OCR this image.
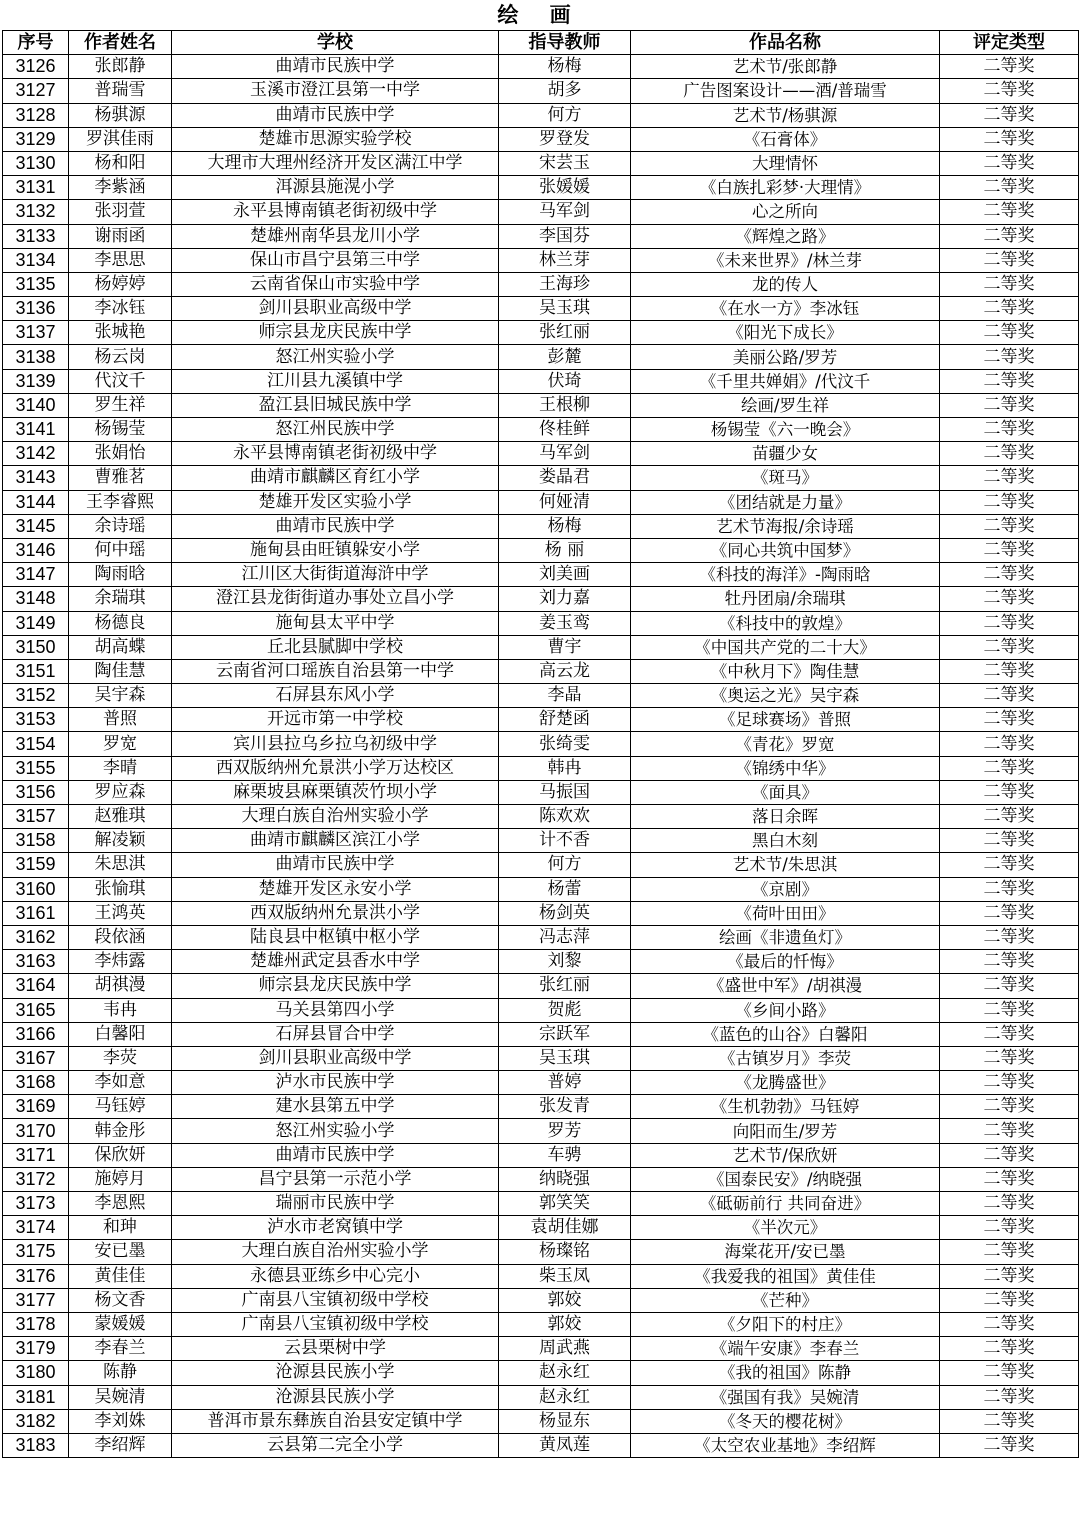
绘 画
序号	作者姓名	学校	指导教师	作品名称	评定类型
3126	张郎静	曲靖市民族中学	杨梅	艺术节/张郎静	二等奖
3127	普瑞雪	玉溪市澄江县第一中学	胡多	广告图案设计——酒/普瑞雪	二等奖
3128	杨骐源	曲靖市民族中学	何方	艺术节/杨骐源	二等奖
3129	罗淇佳雨	楚雄市思源实验学校	罗登发	《石膏体》	二等奖
3130	杨和阳	大理市大理州经济开发区满江中学	宋芸玉	大理情怀	二等奖
3131	李紫涵	洱源县施滉小学	张媛媛	《白族扎彩梦·大理情》	二等奖
3132	张羽萱	永平县博南镇老街初级中学	马军剑	心之所向	二等奖
3133	谢雨函	楚雄州南华县龙川小学	李国芬	《辉煌之路》	二等奖
3134	李思思	保山市昌宁县第三中学	林兰芽	《未来世界》/林兰芽	二等奖
3135	杨婷婷	云南省保山市实验中学	王海珍	龙的传人	二等奖
3136	李冰钰	剑川县职业高级中学	吴玉琪	《在水一方》李冰钰	二等奖
3137	张城艳	师宗县龙庆民族中学	张红丽	《阳光下成长》	二等奖
3138	杨云岗	怒江州实验小学	彭麓	美丽公路/罗芳	二等奖
3139	代汶千	江川县九溪镇中学	伏琦	《千里共婵娟》/代汶千	二等奖
3140	罗生祥	盈江县旧城民族中学	王根柳	绘画/罗生祥	二等奖
3141	杨锡莹	怒江州民族中学	佟桂鲜	杨锡莹《六一晚会》	二等奖
3142	张娟怡	永平县博南镇老街初级中学	马军剑	苗疆少女	二等奖
3143	曹雅茗	曲靖市麒麟区育红小学	娄晶君	《斑马》	二等奖
3144	王李睿熙	楚雄开发区实验小学	何娅清	《团结就是力量》	二等奖
3145	余诗瑶	曲靖市民族中学	杨梅	艺术节海报/余诗瑶	二等奖
3146	何中瑶	施甸县由旺镇躲安小学	杨 丽	《同心共筑中国梦》	二等奖
3147	陶雨晗	江川区大街街道海浒中学	刘美画	《科技的海洋》-陶雨晗	二等奖
3148	余瑞琪	澄江县龙街街道办事处立昌小学	刘力嘉	牡丹团扇/余瑞琪	二等奖
3149	杨德良	施甸县太平中学	姜玉鸾	《科技中的敦煌》	二等奖
3150	胡高蝶	丘北县腻脚中学校	曹宇	《中国共产党的二十大》	二等奖
3151	陶佳慧	云南省河口瑶族自治县第一中学	高云龙	《中秋月下》陶佳慧	二等奖
3152	吴宇森	石屏县东风小学	李晶	《奥运之光》吴宇森	二等奖
3153	普照	开远市第一中学校	舒楚函	《足球赛场》普照	二等奖
3154	罗宽	宾川县拉乌乡拉乌初级中学	张绮雯	《青花》罗宽	二等奖
3155	李晴	西双版纳州允景洪小学万达校区	韩冉	《锦绣中华》	二等奖
3156	罗应森	麻栗坡县麻栗镇茨竹坝小学	马振国	《面具》	二等奖
3157	赵雅琪	大理白族自治州实验小学	陈欢欢	落日余晖	二等奖
3158	解凌颖	曲靖市麒麟区滨江小学	计不香	黑白木刻	二等奖
3159	朱思淇	曲靖市民族中学	何方	艺术节/朱思淇	二等奖
3160	张愉琪	楚雄开发区永安小学	杨蕾	《京剧》	二等奖
3161	王鸿英	西双版纳州允景洪小学	杨剑英	《荷叶田田》	二等奖
3162	段依涵	陆良县中枢镇中枢小学	冯志萍	绘画《非遗鱼灯》	二等奖
3163	李炜露	楚雄州武定县香水中学	刘黎	《最后的忏悔》	二等奖
3164	胡祺漫	师宗县龙庆民族中学	张红丽	《盛世中军》/胡祺漫	二等奖
3165	韦冉	马关县第四小学	贺彪	《乡间小路》	二等奖
3166	白馨阳	石屏县冒合中学	宗跃军	《蓝色的山谷》白馨阳	二等奖
3167	李荧	剑川县职业高级中学	吴玉琪	《古镇岁月》李荧	二等奖
3168	李如意	泸水市民族中学	普婷	《龙腾盛世》	二等奖
3169	马钰婷	建水县第五中学	张发青	《生机勃勃》马钰婷	二等奖
3170	韩金彤	怒江州实验小学	罗芳	向阳而生/罗芳	二等奖
3171	保欣妍	曲靖市民族中学	车骋	艺术节/保欣妍	二等奖
3172	施婷月	昌宁县第一示范小学	纳晓强	《国泰民安》/纳晓强	二等奖
3173	李恩熙	瑞丽市民族中学	郭笑笑	《砥砺前行 共同奋进》	二等奖
3174	和珅	泸水市老窝镇中学	袁胡佳娜	《半次元》	二等奖
3175	安已墨	大理白族自治州实验小学	杨璨铭	海棠花开/安已墨	二等奖
3176	黄佳佳	永德县亚练乡中心完小	柴玉凤	《我爱我的祖国》黄佳佳	二等奖
3177	杨文香	广南县八宝镇初级中学校	郭姣	《芒种》	二等奖
3178	蒙媛媛	广南县八宝镇初级中学校	郭姣	《夕阳下的村庄》	二等奖
3179	李春兰	云县栗树中学	周武燕	《端午安康》李春兰	二等奖
3180	陈静	沧源县民族小学	赵永红	《我的祖国》陈静	二等奖
3181	吴婉清	沧源县民族小学	赵永红	《强国有我》吴婉清	二等奖
3182	李刘姝	普洱市景东彝族自治县安定镇中学	杨显东	《冬天的樱花树》	二等奖
3183	李绍辉	云县第二完全小学	黄凤莲	《太空农业基地》李绍辉	二等奖
